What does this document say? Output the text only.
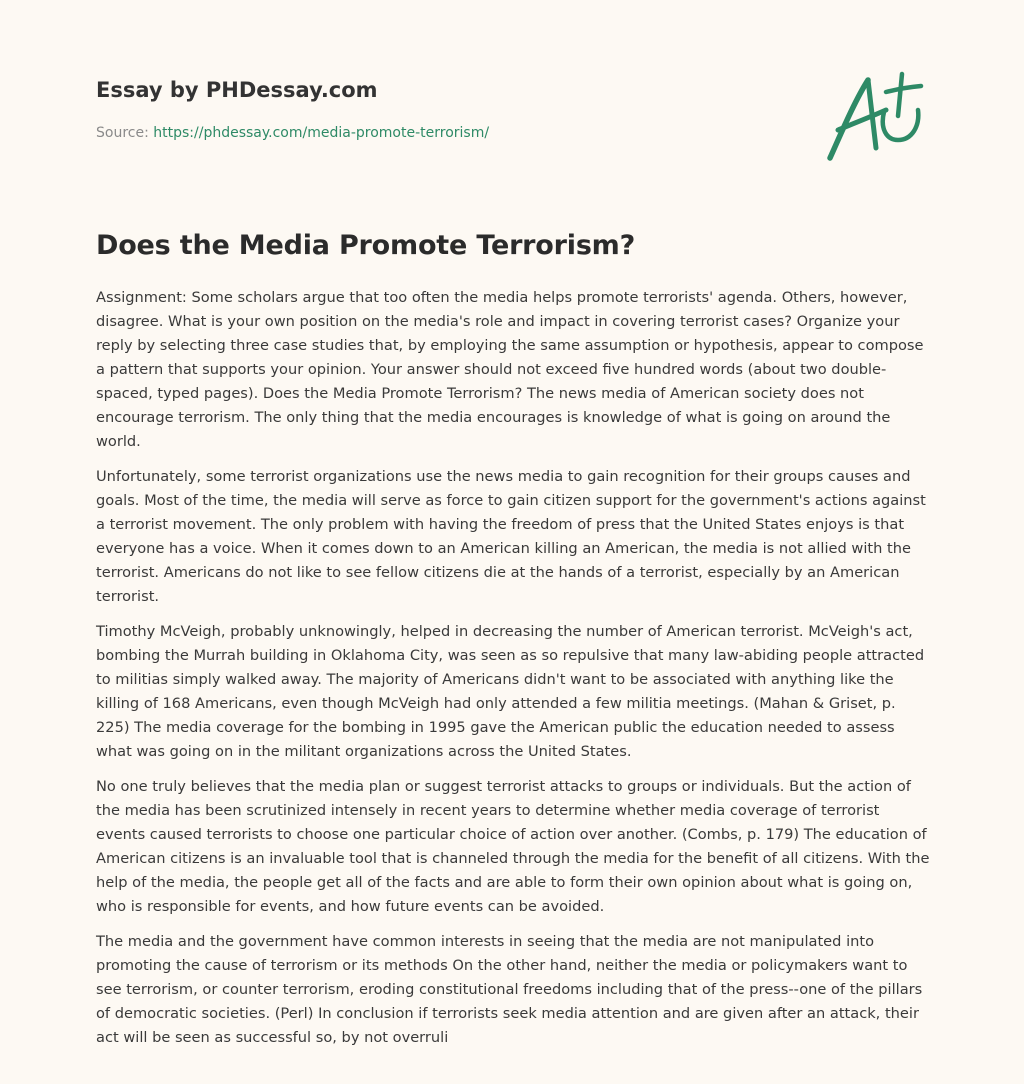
Essay by PHDessay.com
Source: https://phdessay.com/media-promote-terrorism/
Does the Media Promote Terrorism?

Assignment: Some scholars argue that too often the media helps promote terrorists' agenda. Others, however, disagree. What is your own position on the media's role and impact in covering terrorist cases? Organize your reply by selecting three case studies that, by employing the same assumption or hypothesis, appear to compose a pattern that supports your opinion. Your answer should not exceed five hundred words (about two double-spaced, typed pages). Does the Media Promote Terrorism? The news media of American society does not encourage terrorism. The only thing that the media encourages is knowledge of what is going on around the world.

Unfortunately, some terrorist organizations use the news media to gain recognition for their groups causes and goals. Most of the time, the media will serve as force to gain citizen support for the government's actions against a terrorist movement. The only problem with having the freedom of press that the United States enjoys is that everyone has a voice. When it comes down to an American killing an American, the media is not allied with the terrorist. Americans do not like to see fellow citizens die at the hands of a terrorist, especially by an American terrorist.

Timothy McVeigh, probably unknowingly, helped in decreasing the number of American terrorist. McVeigh's act, bombing the Murrah building in Oklahoma City, was seen as so repulsive that many law-abiding people attracted to militias simply walked away. The majority of Americans didn't want to be associated with anything like the killing of 168 Americans, even though McVeigh had only attended a few militia meetings. (Mahan & Griset, p. 225) The media coverage for the bombing in 1995 gave the American public the education needed to assess what was going on in the militant organizations across the United States.

No one truly believes that the media plan or suggest terrorist attacks to groups or individuals. But the action of the media has been scrutinized intensely in recent years to determine whether media coverage of terrorist events caused terrorists to choose one particular choice of action over another. (Combs, p. 179) The education of American citizens is an invaluable tool that is channeled through the media for the benefit of all citizens. With the help of the media, the people get all of the facts and are able to form their own opinion about what is going on, who is responsible for events, and how future events can be avoided.

The media and the government have common interests in seeing that the media are not manipulated into promoting the cause of terrorism or its methods On the other hand, neither the media or policymakers want to see terrorism, or counter terrorism, eroding constitutional freedoms including that of the press--one of the pillars of democratic societies. (Perl) In conclusion if terrorists seek media attention and are given after an attack, their act will be seen as successful so, by not overruli
